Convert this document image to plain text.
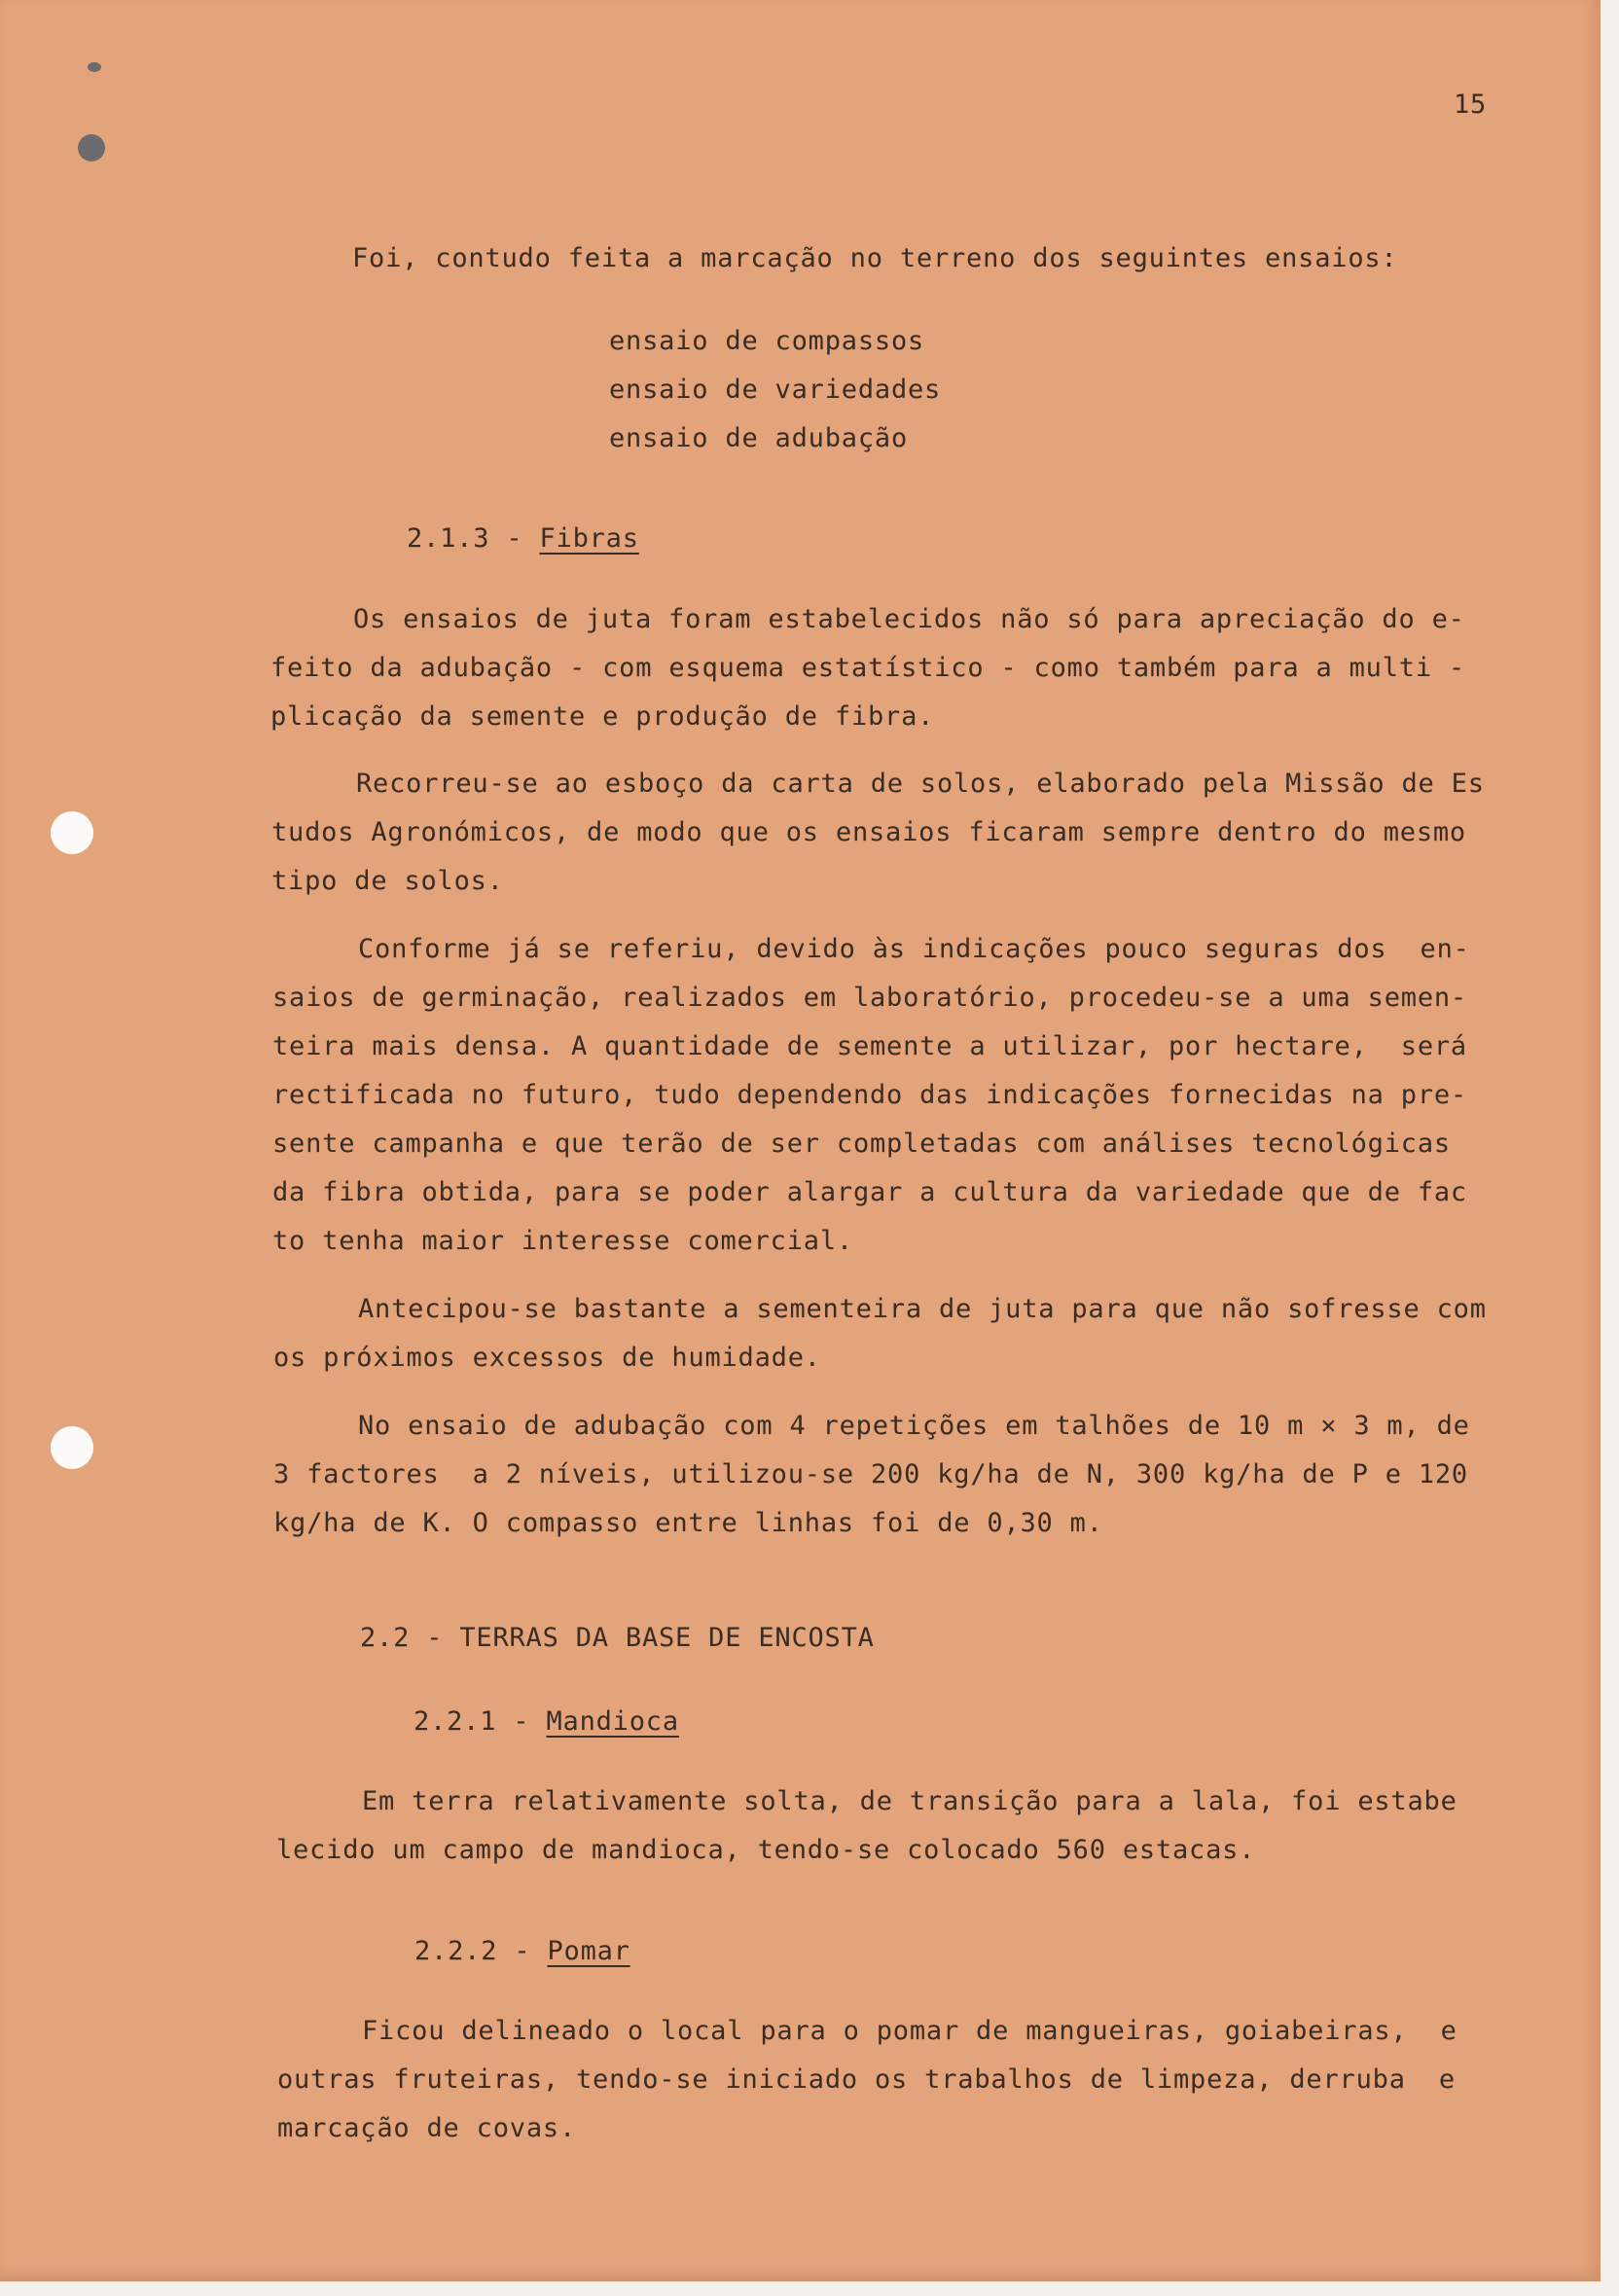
15
Foi, contudo feita a marcação no terreno dos seguintes ensaios:
ensaio de compassos
ensaio de variedades
ensaio de adubação
2.1.3 - Fibras
Os ensaios de juta foram estabelecidos não só para apreciação do e-
feito da adubação - com esquema estatístico - como também para a multi -
plicação da semente e produção de fibra.
Recorreu-se ao esboço da carta de solos, elaborado pela Missão de Es
tudos Agronómicos, de modo que os ensaios ficaram sempre dentro do mesmo
tipo de solos.
Conforme já se referiu, devido às indicações pouco seguras dos  en-
saios de germinação, realizados em laboratório, procedeu-se a uma semen-
teira mais densa. A quantidade de semente a utilizar, por hectare,  será
rectificada no futuro, tudo dependendo das indicações fornecidas na pre-
sente campanha e que terão de ser completadas com análises tecnológicas
da fibra obtida, para se poder alargar a cultura da variedade que de fac
to tenha maior interesse comercial.
Antecipou-se bastante a sementeira de juta para que não sofresse com
os próximos excessos de humidade.
No ensaio de adubação com 4 repetições em talhões de 10 m × 3 m, de
3 factores  a 2 níveis, utilizou-se 200 kg/ha de N, 300 kg/ha de P e 120
kg/ha de K. O compasso entre linhas foi de 0,30 m.
2.2 - TERRAS DA BASE DE ENCOSTA
2.2.1 - Mandioca
Em terra relativamente solta, de transição para a lala, foi estabe
lecido um campo de mandioca, tendo-se colocado 560 estacas.
2.2.2 - Pomar
Ficou delineado o local para o pomar de mangueiras, goiabeiras,  e
outras fruteiras, tendo-se iniciado os trabalhos de limpeza, derruba  e
marcação de covas.
